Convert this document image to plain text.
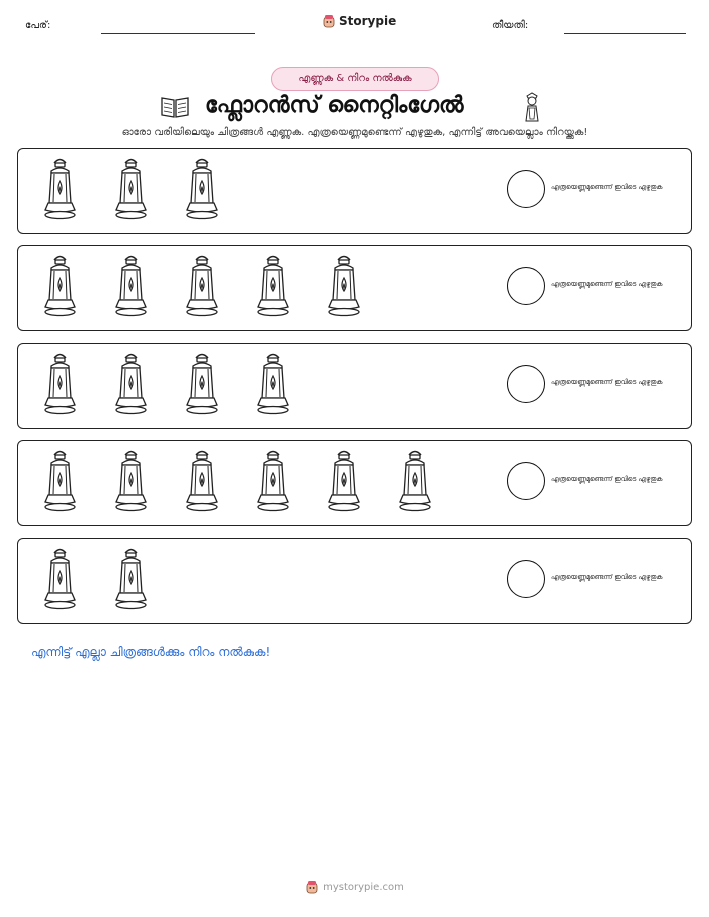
പേര്:	Storypie	തീയതി:
എണ്ണുക & നിറം നൽകുക
ഫ്ലോറൻസ് നൈറ്റിംഗേൽ
ഓരോ വരിയിലെയും ചിത്രങ്ങൾ എണ്ണുക. എത്രയെണ്ണമുണ്ടെന്ന് എഴുതുക, എന്നിട്ട് അവയെല്ലാം നിറയ്ക്കുക!
എത്രയെണ്ണമുണ്ടെന്ന് ഇവിടെ എഴുതുക
എത്രയെണ്ണമുണ്ടെന്ന് ഇവിടെ എഴുതുക
എത്രയെണ്ണമുണ്ടെന്ന് ഇവിടെ എഴുതുക
എത്രയെണ്ണമുണ്ടെന്ന് ഇവിടെ എഴുതുക
എത്രയെണ്ണമുണ്ടെന്ന് ഇവിടെ എഴുതുക
എന്നിട്ട് എല്ലാ ചിത്രങ്ങൾക്കും നിറം നൽകുക!
mystorypie.com
